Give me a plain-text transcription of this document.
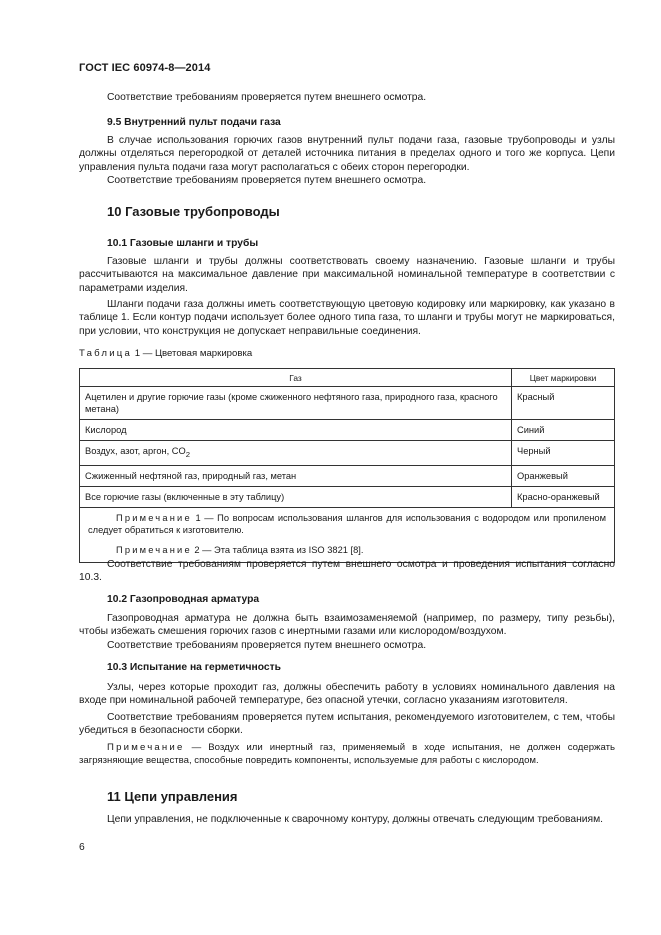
ГОСТ IEC 60974-8—2014
Соответствие требованиям проверяется путем внешнего осмотра.
9.5 Внутренний пульт подачи газа
В случае использования горючих газов внутренний пульт подачи газа, газовые трубопроводы и узлы должны отделяться перегородкой от деталей источника питания в пределах одного и того же корпуса. Цепи управления пульта подачи газа могут располагаться с обеих сторон перегородки.
Соответствие требованиям проверяется путем внешнего осмотра.
10 Газовые трубопроводы
10.1 Газовые шланги и трубы
Газовые шланги и трубы должны соответствовать своему назначению. Газовые шланги и трубы рассчитываются на максимальное давление при максимальной номинальной температуре в соответствии с параметрами изделия.
Шланги подачи газа должны иметь соответствующую цветовую кодировку или маркировку, как указано в таблице 1. Если контур подачи использует более одного типа газа, то шланги и трубы могут не маркироваться, при условии, что конструкция не допускает неправильные соединения.
Таблица 1 — Цветовая маркировка
Газ	Цвет маркировки
Ацетилен и другие горючие газы (кроме сжиженного нефтяного газа, природного газа, красного метана)	Красный
Кислород	Синий
Воздух, азот, аргон, $CO_2$	Черный
Сжиженный нефтяной газ, природный газ, метан	Оранжевый
Все горючие газы (включенные в эту таблицу)	Красно-оранжевый

Примечание 1 — По вопросам использования шлангов для использования с водородом или пропиленом следует обратиться к изготовителю.
Примечание 2 — Эта таблица взята из ISO 3821 [8].	
Соответствие требованиям проверяется путем внешнего осмотра и проведения испытания согласно 10.3.
10.2 Газопроводная арматура
Газопроводная арматура не должна быть взаимозаменяемой (например, по размеру, типу резьбы), чтобы избежать смешения горючих газов с инертными газами или кислородом/воздухом.
Соответствие требованиям проверяется путем внешнего осмотра.
10.3 Испытание на герметичность
Узлы, через которые проходит газ, должны обеспечить работу в условиях номинального давления на входе при номинальной рабочей температуре, без опасной утечки, согласно указаниям изготовителя.
Соответствие требованиям проверяется путем испытания, рекомендуемого изготовителем, с тем, чтобы убедиться в безопасности сборки.
Примечание — Воздух или инертный газ, применяемый в ходе испытания, не должен содержать загрязняющие вещества, способные повредить компоненты, используемые для работы с кислородом.
11 Цепи управления
Цепи управления, не подключенные к сварочному контуру, должны отвечать следующим требованиям.
6
